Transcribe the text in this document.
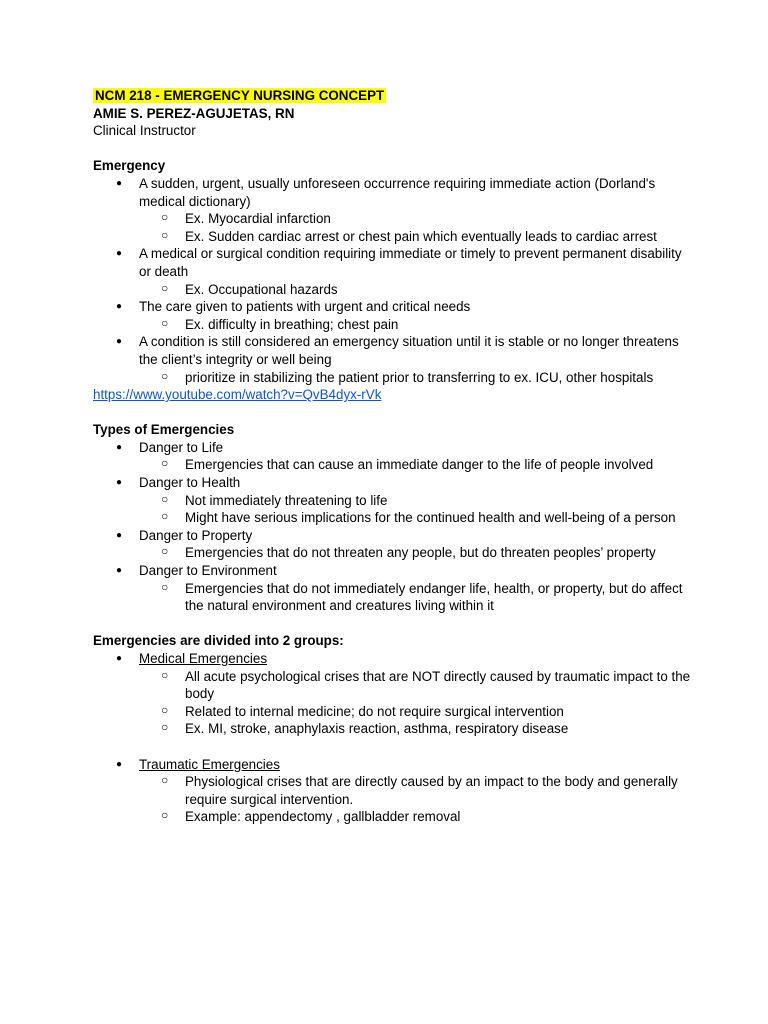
NCM 218 - EMERGENCY NURSING CONCEPT
AMIE S. PEREZ-AGUJETAS, RN
Clinical Instructor
Emergency
● A sudden, urgent, usually unforeseen occurrence requiring immediate action (Dorland's medical dictionary)
○ Ex. Myocardial infarction
○ Ex. Sudden cardiac arrest or chest pain which eventually leads to cardiac arrest
● A medical or surgical condition requiring immediate or timely to prevent permanent disability or death
○ Ex. Occupational hazards
● The care given to patients with urgent and critical needs
○ Ex. difficulty in breathing; chest pain
● A condition is still considered an emergency situation until it is stable or no longer threatens the client’s integrity or well being
○ prioritize in stabilizing the patient prior to transferring to ex. ICU, other hospitals
https://www.youtube.com/watch?v=QvB4dyx-rVk
Types of Emergencies
● Danger to Life
○ Emergencies that can cause an immediate danger to the life of people involved
● Danger to Health
○ Not immediately threatening to life
○ Might have serious implications for the continued health and well-being of a person
● Danger to Property
○ Emergencies that do not threaten any people, but do threaten peoples’ property
● Danger to Environment
○ Emergencies that do not immediately endanger life, health, or property, but do affect the natural environment and creatures living within it
Emergencies are divided into 2 groups:
● Medical Emergencies
○ All acute psychological crises that are NOT directly caused by traumatic impact to the body
○ Related to internal medicine; do not require surgical intervention
○ Ex. MI, stroke, anaphylaxis reaction, asthma, respiratory disease
● Traumatic Emergencies
○ Physiological crises that are directly caused by an impact to the body and generally require surgical intervention.
○ Example: appendectomy , gallbladder removal
